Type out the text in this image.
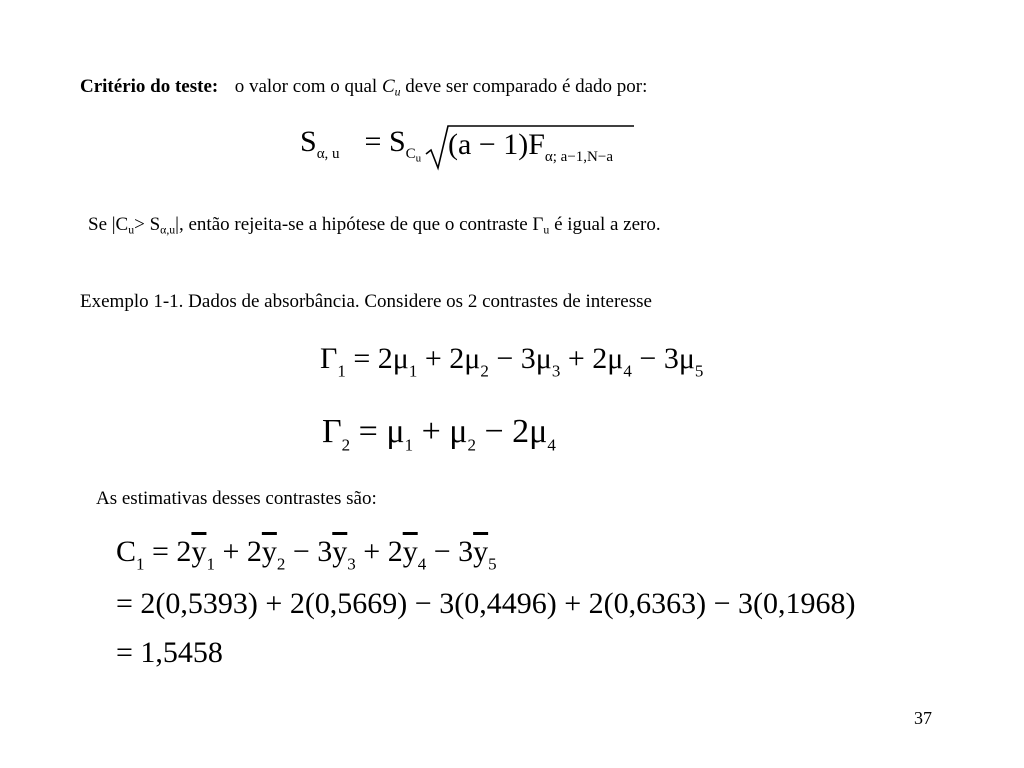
Critério do teste: o valor com o qual $C_u$ deve ser comparado é dado por:
$S_{\alpha, u} = S_{C_u}$ $(a - 1)F_{\alpha; a-1,N-a}$
Se $|C_u> S_{\alpha,u}|$, então rejeita-se a hipótese de que o contraste $\Gamma_u$ é igual a zero.
Exemplo 1-1. Dados de absorbância. Considere os 2 contrastes de interesse
$\Gamma_1 = 2\mu_1 + 2\mu_2 - 3\mu_3 + 2\mu_4 - 3\mu_5$
$\Gamma_2 = \mu_1 + \mu_2 - 2\mu_4$
As estimativas desses contrastes são:
$C_1 = 2\overline{y}_1 + 2\overline{y}_2 - 3\overline{y}_3 + 2\overline{y}_4 - 3\overline{y}_5$
= 2(0,5393) + 2(0,5669) − 3(0,4496) + 2(0,6363) − 3(0,1968)
= 1,5458
37
